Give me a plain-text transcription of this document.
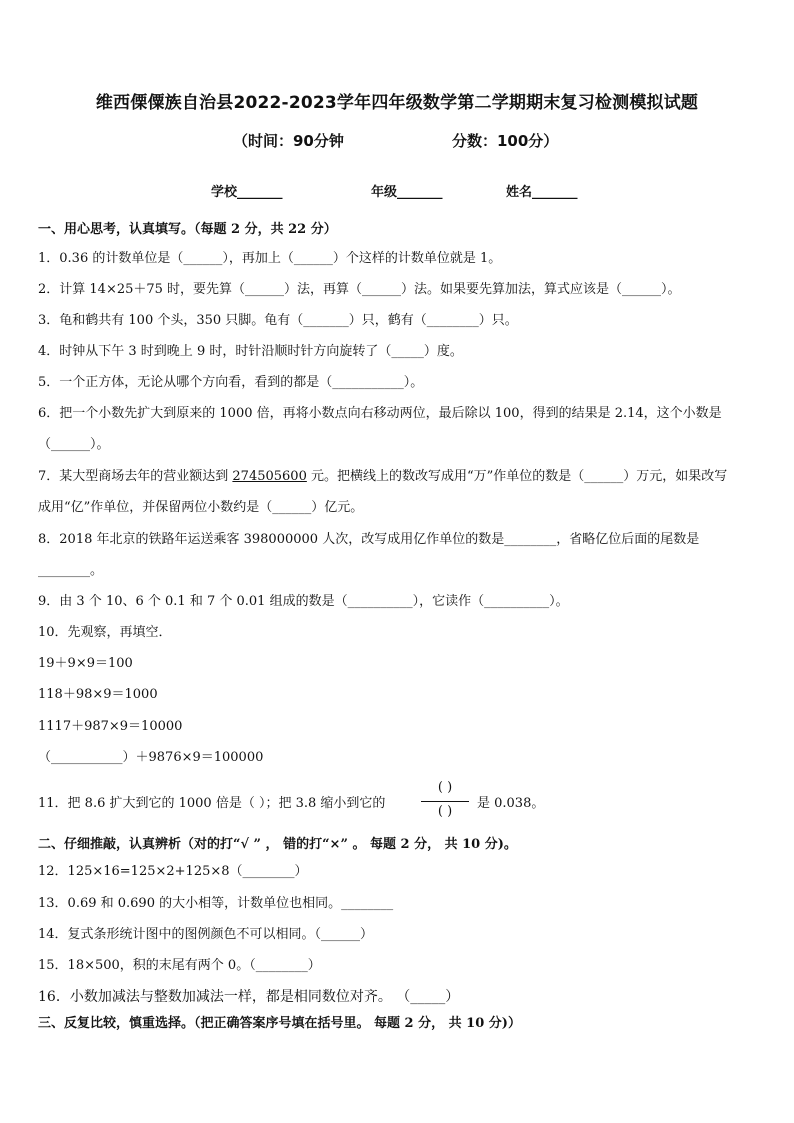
维西傈僳族自治县2022-2023学年四年级数学第二学期期末复习检测模拟试题
（时间：90分钟	分数：100分）
学校_______	年级_______	姓名_______
一、用心思考，认真填写。（每题 2 分，共 22 分）
1．0.36 的计数单位是（______），再加上（______）个这样的计数单位就是 1。
2．计算 14×25＋75 时，要先算（______）法，再算（______）法。如果要先算加法，算式应该是（______）。
3．龟和鹤共有 100 个头，350 只脚。龟有（_______）只，鹤有（________）只。
4．时钟从下午 3 时到晚上 9 时，时针沿顺时针方向旋转了（_____）度。
5．一个正方体，无论从哪个方向看，看到的都是（___________）。
6．把一个小数先扩大到原来的 1000 倍，再将小数点向右移动两位，最后除以 100，得到的结果是 2.14，这个小数是
（______）。
7．某大型商场去年的营业额达到 274505600 元。把横线上的数改写成用“万”作单位的数是（______）万元，如果改写
成用“亿”作单位，并保留两位小数约是（______）亿元。
8．2018 年北京的铁路年运送乘客 398000000 人次，改写成用亿作单位的数是________，省略亿位后面的尾数是
________。
9．由 3 个 10、6 个 0.1 和 7 个 0.01 组成的数是（__________），它读作（__________）。
10．先观察，再填空．
19＋9×9＝100
118＋98×9＝1000
1117＋987×9＝10000
（___________）＋9876×9＝100000
11．把 8.6 扩大到它的 1000 倍是（ ）；把 3.8 缩小到它的
( )
( )
是 0.038。
二、仔细推敲，认真辨析（对的打“√ ” ， 错的打“×” 。 每题 2 分， 共 10 分)。
12．125×16=125×2+125×8（________）
13．0.69 和 0.690 的大小相等，计数单位也相同。________
14．复式条形统计图中的图例颜色不可以相同。（______）
15．18×500，积的末尾有两个 0。（________）
16．小数加减法与整数加减法一样，都是相同数位对齐。 （_____）
三、反复比较，慎重选择。（把正确答案序号填在括号里。 每题 2 分， 共 10 分)）
